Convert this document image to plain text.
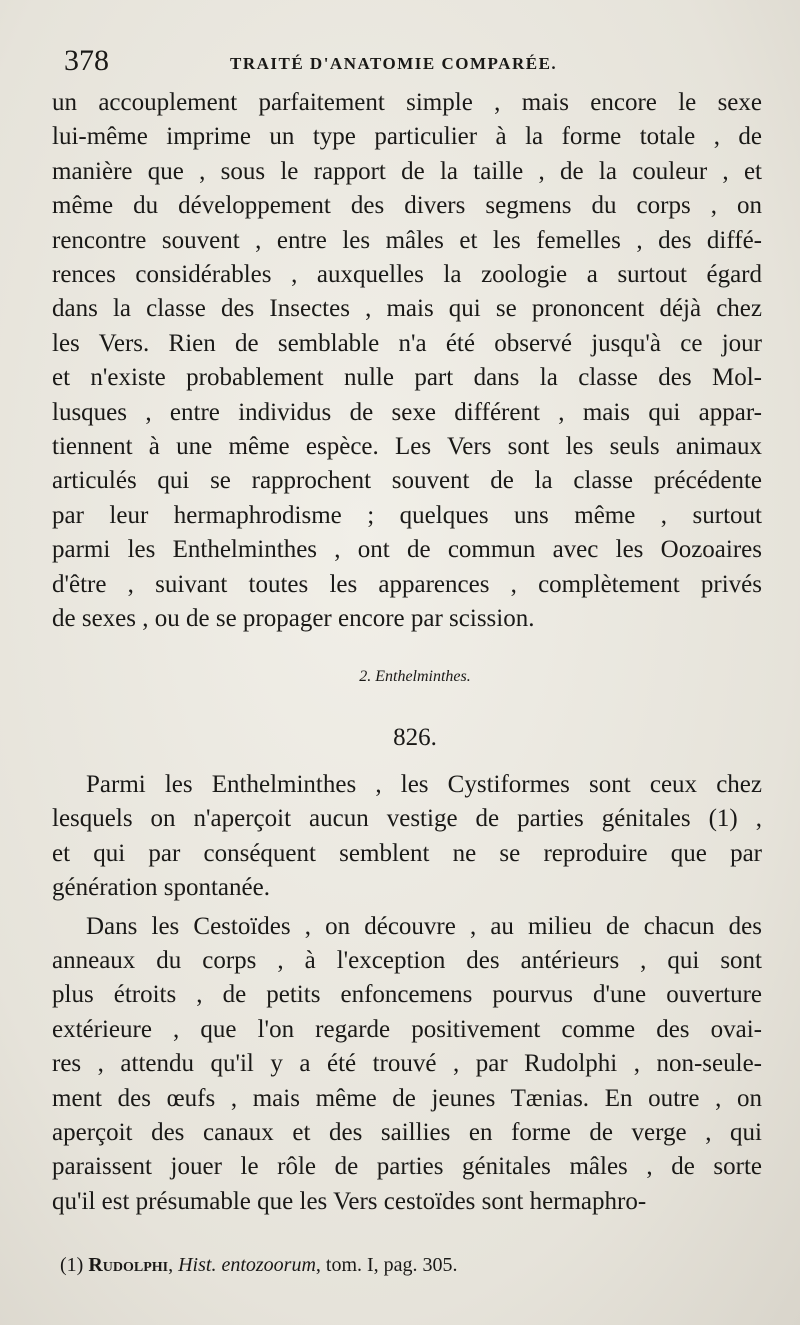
378	TRAITÉ D'ANATOMIE COMPARÉE.

un accouplement parfaitement simple , mais encore le sexe
lui-même imprime un type particulier à la forme totale , de
manière que , sous le rapport de la taille , de la couleur , et
même du développement des divers segmens du corps , on
rencontre souvent , entre les mâles et les femelles , des diffé-
rences considérables , auxquelles la zoologie a surtout égard
dans la classe des Insectes , mais qui se prononcent déjà chez
les Vers. Rien de semblable n'a été observé jusqu'à ce jour
et n'existe probablement nulle part dans la classe des Mol-
lusques , entre individus de sexe différent , mais qui appar-
tiennent à une même espèce. Les Vers sont les seuls animaux
articulés qui se rapprochent souvent de la classe précédente
par leur hermaphrodisme ; quelques uns même , surtout
parmi les Enthelminthes , ont de commun avec les Oozoaires
d'être , suivant toutes les apparences , complètement privés
de sexes , ou de se propager encore par scission.

2. Enthelminthes.
826.

Parmi les Enthelminthes , les Cystiformes sont ceux chez
lesquels on n'aperçoit aucun vestige de parties génitales (1) ,
et qui par conséquent semblent ne se reproduire que par
génération spontanée.

Dans les Cestoïdes , on découvre , au milieu de chacun des
anneaux du corps , à l'exception des antérieurs , qui sont
plus étroits , de petits enfoncemens pourvus d'une ouverture
extérieure , que l'on regarde positivement comme des ovai-
res , attendu qu'il y a été trouvé , par Rudolphi , non-seule-
ment des œufs , mais même de jeunes Tænias. En outre , on
aperçoit des canaux et des saillies en forme de verge , qui
paraissent jouer le rôle de parties génitales mâles , de sorte
qu'il est présumable que les Vers cestoïdes sont hermaphro-

(1) Rudolphi, Hist. entozoorum, tom. I, pag. 305.
